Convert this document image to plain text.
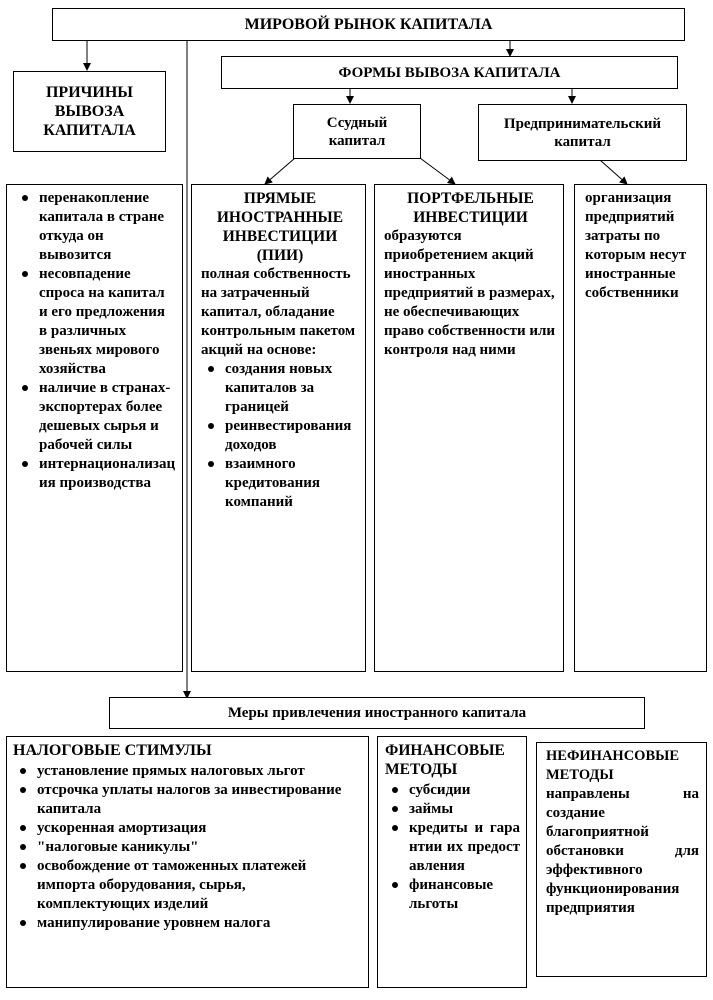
МИРОВОЙ РЫНОК КАПИТАЛА
ПРИЧИНЫ ВЫВОЗА КАПИТАЛА
ФОРМЫ ВЫВОЗА КАПИТАЛА
Ссудный капитал
Предпринимательский капитал
перенакопление капитала в стране откуда он вывозится
несовпадение спроса на капитал и его предложения в различных звеньях мирового хозяйства
наличие в странах-экспортерах более дешевых сырья и рабочей силы
интернационализация производства
ПРЯМЫЕ ИНОСТРАННЫЕ ИНВЕСТИЦИИ (ПИИ)
полная собственность на затраченный капитал, обладание контрольным пакетом акций на основе:
создания новых капиталов за границей
реинвестирования доходов
взаимного кредитования компаний
ПОРТФЕЛЬНЫЕ ИНВЕСТИЦИИ
образуются приобретением акций иностранных предприятий в размерах, не обеспечивающих право собственности или контроля над ними
организация предприятий затраты по которым несут иностранные собственники
Меры привлечения иностранного капитала
НАЛОГОВЫЕ СТИМУЛЫ
установление прямых налоговых льгот
отсрочка уплаты налогов за инвестирование капитала
ускоренная амортизация
"налоговые каникулы"
освобождение от таможенных платежей импорта оборудования, сырья, комплектующих изделий
манипулирование уровнем налога
ФИНАНСОВЫЕ МЕТОДЫ
субсидии
займы
кредиты и гарантии их предоставления
финансовые льготы
НЕФИНАНСОВЫЕ МЕТОДЫ
направлены на создание благоприятной обстановки для эффективного функционирования предприятия
